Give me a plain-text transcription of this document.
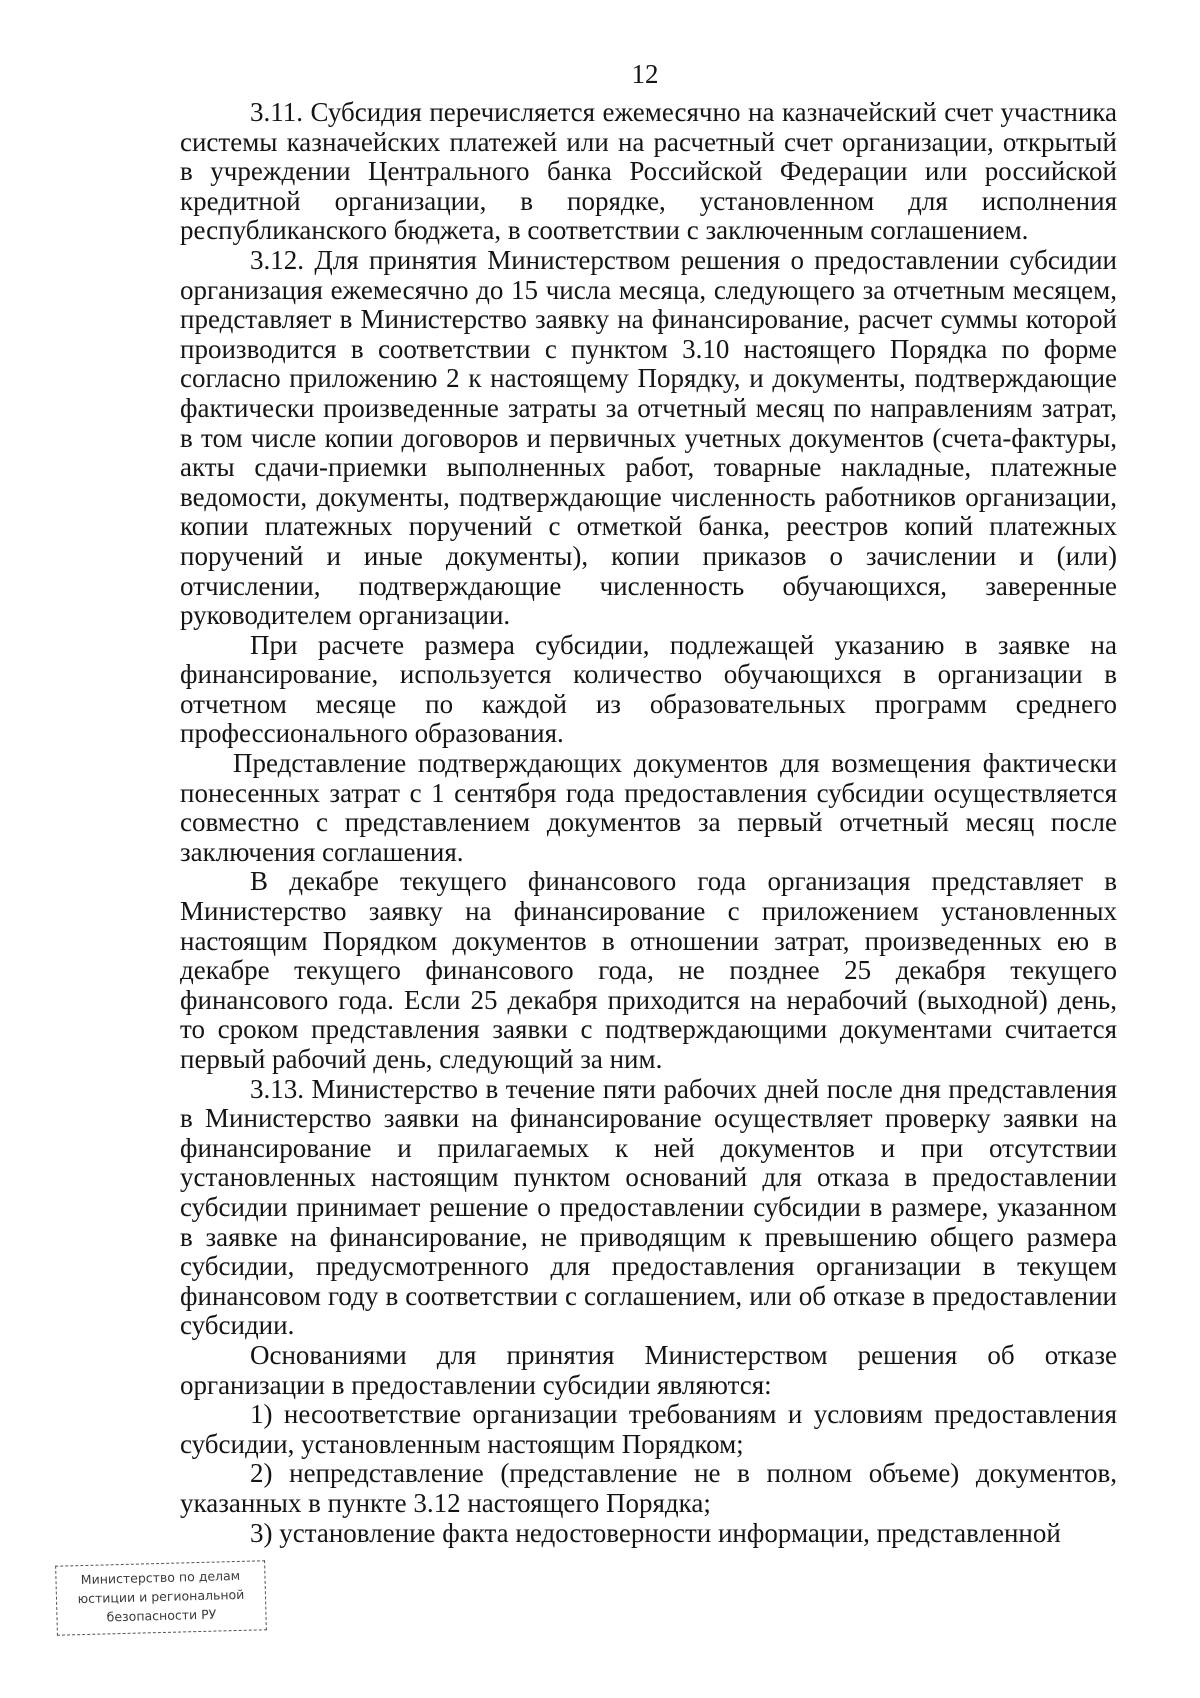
12

3.11. Субсидия перечисляется ежемесячно на казначейский счет участника системы казначейских платежей или на расчетный счет организации, открытый в учреждении Центрального банка Российской Федерации или российской кредитной организации, в порядке, установленном для исполнения республиканского бюджета, в соответствии с заключенным соглашением.

3.12. Для принятия Министерством решения о предоставлении субсидии организация ежемесячно до 15 числа месяца, следующего за отчетным месяцем, представляет в Министерство заявку на финансирование, расчет суммы которой производится в соответствии с пунктом 3.10 настоящего Порядка по форме согласно приложению 2 к настоящему Порядку, и документы, подтверждающие фактически произведенные затраты за отчетный месяц по направлениям затрат, в том числе копии договоров и первичных учетных документов (счета-фактуры, акты сдачи-приемки выполненных работ, товарные накладные, платежные ведомости, документы, подтверждающие численность работников организации, копии платежных поручений с отметкой банка, реестров копий платежных поручений и иные документы), копии приказов о зачислении и (или) отчислении, подтверждающие численность обучающихся, заверенные руководителем организации.

При расчете размера субсидии, подлежащей указанию в заявке на финансирование, используется количество обучающихся в организации в отчетном месяце по каждой из образовательных программ среднего профессионального образования.

Представление подтверждающих документов для возмещения фактически понесенных затрат с 1 сентября года предоставления субсидии осуществляется совместно с представлением документов за первый отчетный месяц после заключения соглашения.

В декабре текущего финансового года организация представляет в Министерство заявку на финансирование с приложением установленных настоящим Порядком документов в отношении затрат, произведенных ею в декабре текущего финансового года, не позднее 25 декабря текущего финансового года. Если 25 декабря приходится на нерабочий (выходной) день, то сроком представления заявки с подтверждающими документами считается первый рабочий день, следующий за ним.

3.13. Министерство в течение пяти рабочих дней после дня представления в Министерство заявки на финансирование осуществляет проверку заявки на финансирование и прилагаемых к ней документов и при отсутствии установленных настоящим пунктом оснований для отказа в предоставлении субсидии принимает решение о предоставлении субсидии в размере, указанном в заявке на финансирование, не приводящим к превышению общего размера субсидии, предусмотренного для предоставления организации в текущем финансовом году в соответствии с соглашением, или об отказе в предоставлении субсидии.

Основаниями для принятия Министерством решения об отказе организации в предоставлении субсидии являются:

1) несоответствие организации требованиям и условиям предоставления субсидии, установленным настоящим Порядком;

2) непредставление (представление не в полном объеме) документов, указанных в пункте 3.12 настоящего Порядка;

3) установление факта недостоверности информации, представленной

Министерство по делам
юстиции и региональной
безопасности РУ
